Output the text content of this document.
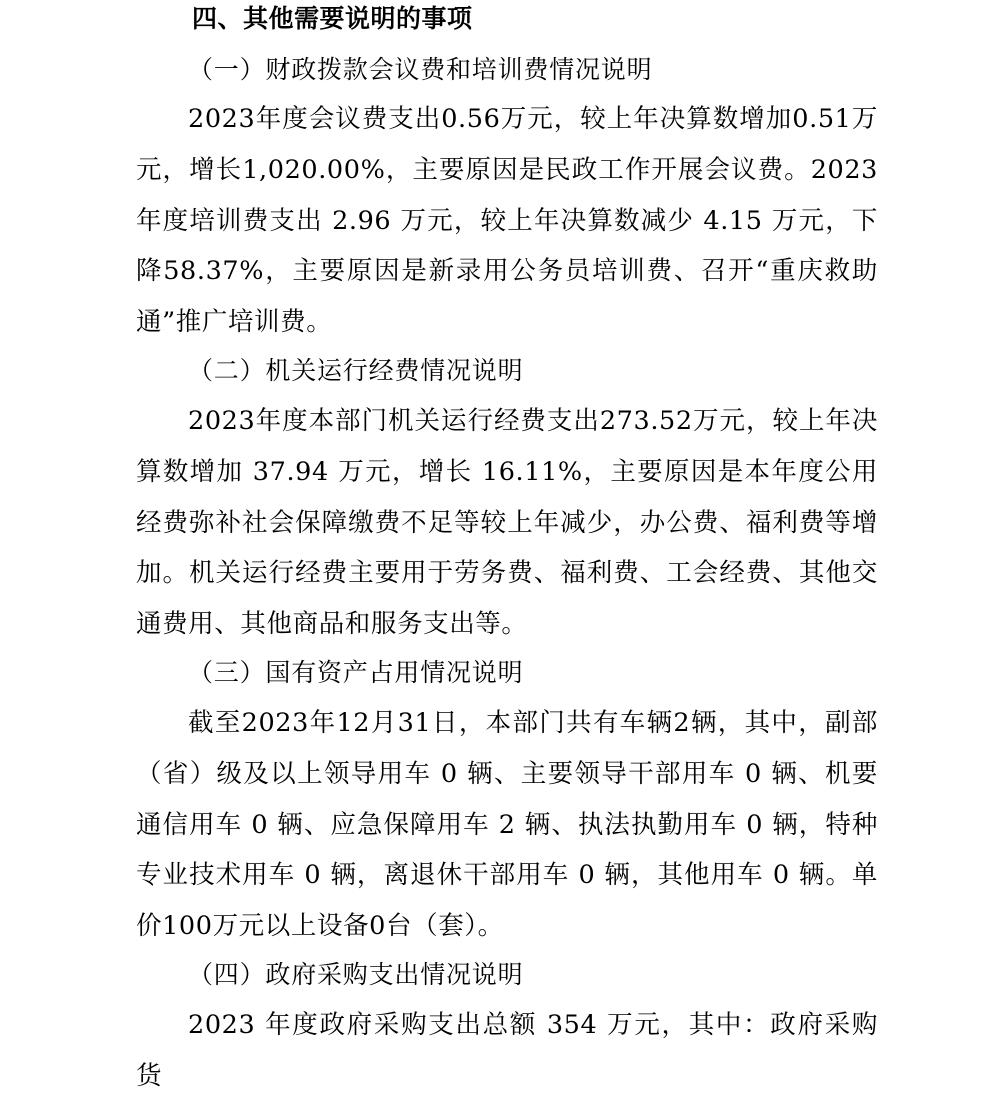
四、其他需要说明的事项
（一）财政拨款会议费和培训费情况说明

2023年度会议费支出0.56万元，较上年决算数增加0.51万元，增长1,020.00%，主要原因是民政工作开展会议费。2023年度培训费支出 2.96 万元，较上年决算数减少 4.15 万元，下降58.37%，主要原因是新录用公务员培训费、召开“重庆救助通”推广培训费。

（二）机关运行经费情况说明

2023年度本部门机关运行经费支出273.52万元，较上年决算数增加 37.94 万元，增长 16.11%，主要原因是本年度公用经费弥补社会保障缴费不足等较上年减少，办公费、福利费等增加。机关运行经费主要用于劳务费、福利费、工会经费、其他交通费用、其他商品和服务支出等。

（三）国有资产占用情况说明

截至2023年12月31日，本部门共有车辆2辆，其中，副部（省）级及以上领导用车 0 辆、主要领导干部用车 0 辆、机要通信用车 0 辆、应急保障用车 2 辆、执法执勤用车 0 辆，特种专业技术用车 0 辆，离退休干部用车 0 辆，其他用车 0 辆。单价100万元以上设备0台（套）。

（四）政府采购支出情况说明

2023 年度政府采购支出总额 354 万元，其中：政府采购货
